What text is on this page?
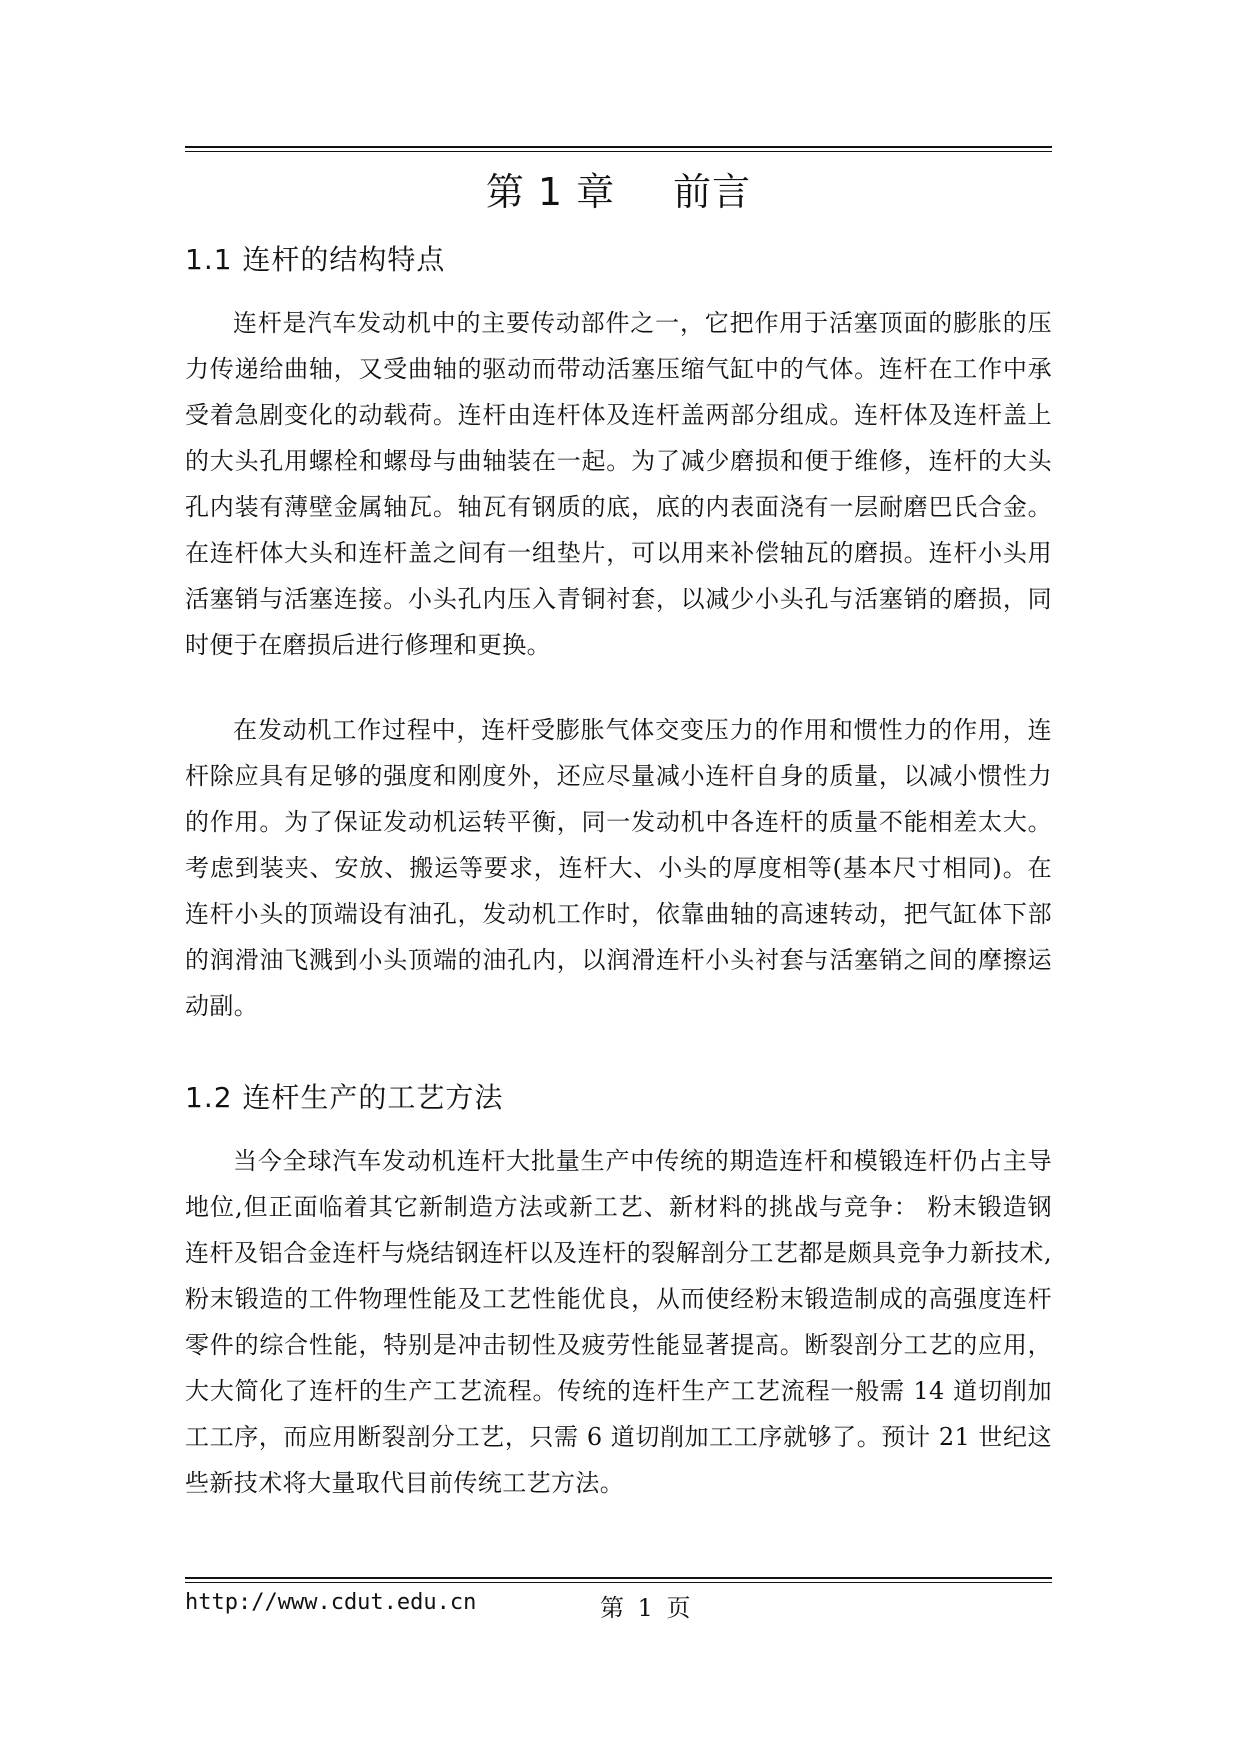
第 1 章 前言
1.1 连杆的结构特点

连杆是汽车发动机中的主要传动部件之一，它把作用于活塞顶面的膨胀的压力传递给曲轴，又受曲轴的驱动而带动活塞压缩气缸中的气体。连杆在工作中承受着急剧变化的动载荷。连杆由连杆体及连杆盖两部分组成。连杆体及连杆盖上的大头孔用螺栓和螺母与曲轴装在一起。为了减少磨损和便于维修，连杆的大头孔内装有薄壁金属轴瓦。轴瓦有钢质的底，底的内表面浇有一层耐磨巴氏合金。在连杆体大头和连杆盖之间有一组垫片，可以用来补偿轴瓦的磨损。连杆小头用活塞销与活塞连接。小头孔内压入青铜衬套，以减少小头孔与活塞销的磨损，同时便于在磨损后进行修理和更换。

在发动机工作过程中，连杆受膨胀气体交变压力的作用和惯性力的作用，连杆除应具有足够的强度和刚度外，还应尽量减小连杆自身的质量，以减小惯性力的作用。为了保证发动机运转平衡，同一发动机中各连杆的质量不能相差太大。考虑到装夹、安放、搬运等要求，连杆大、小头的厚度相等(基本尺寸相同)。在连杆小头的顶端设有油孔，发动机工作时，依靠曲轴的高速转动，把气缸体下部的润滑油飞溅到小头顶端的油孔内，以润滑连杆小头衬套与活塞销之间的摩擦运动副。

1.2 连杆生产的工艺方法

当今全球汽车发动机连杆大批量生产中传统的期造连杆和模锻连杆仍占主导地位,但正面临着其它新制造方法或新工艺、新材料的挑战与竞争： 粉末锻造钢连杆及铝合金连杆与烧结钢连杆以及连杆的裂解剖分工艺都是颇具竞争力新技术, 粉末锻造的工件物理性能及工艺性能优良，从而使经粉末锻造制成的高强度连杆零件的综合性能，特别是冲击韧性及疲劳性能显著提高。断裂剖分工艺的应用，大大简化了连杆的生产工艺流程。传统的连杆生产工艺流程一般需 14 道切削加工工序，而应用断裂剖分工艺，只需 6 道切削加工工序就够了。预计 21 世纪这些新技术将大量取代目前传统工艺方法。

http://www.cdut.edu.cn	第 1 页
